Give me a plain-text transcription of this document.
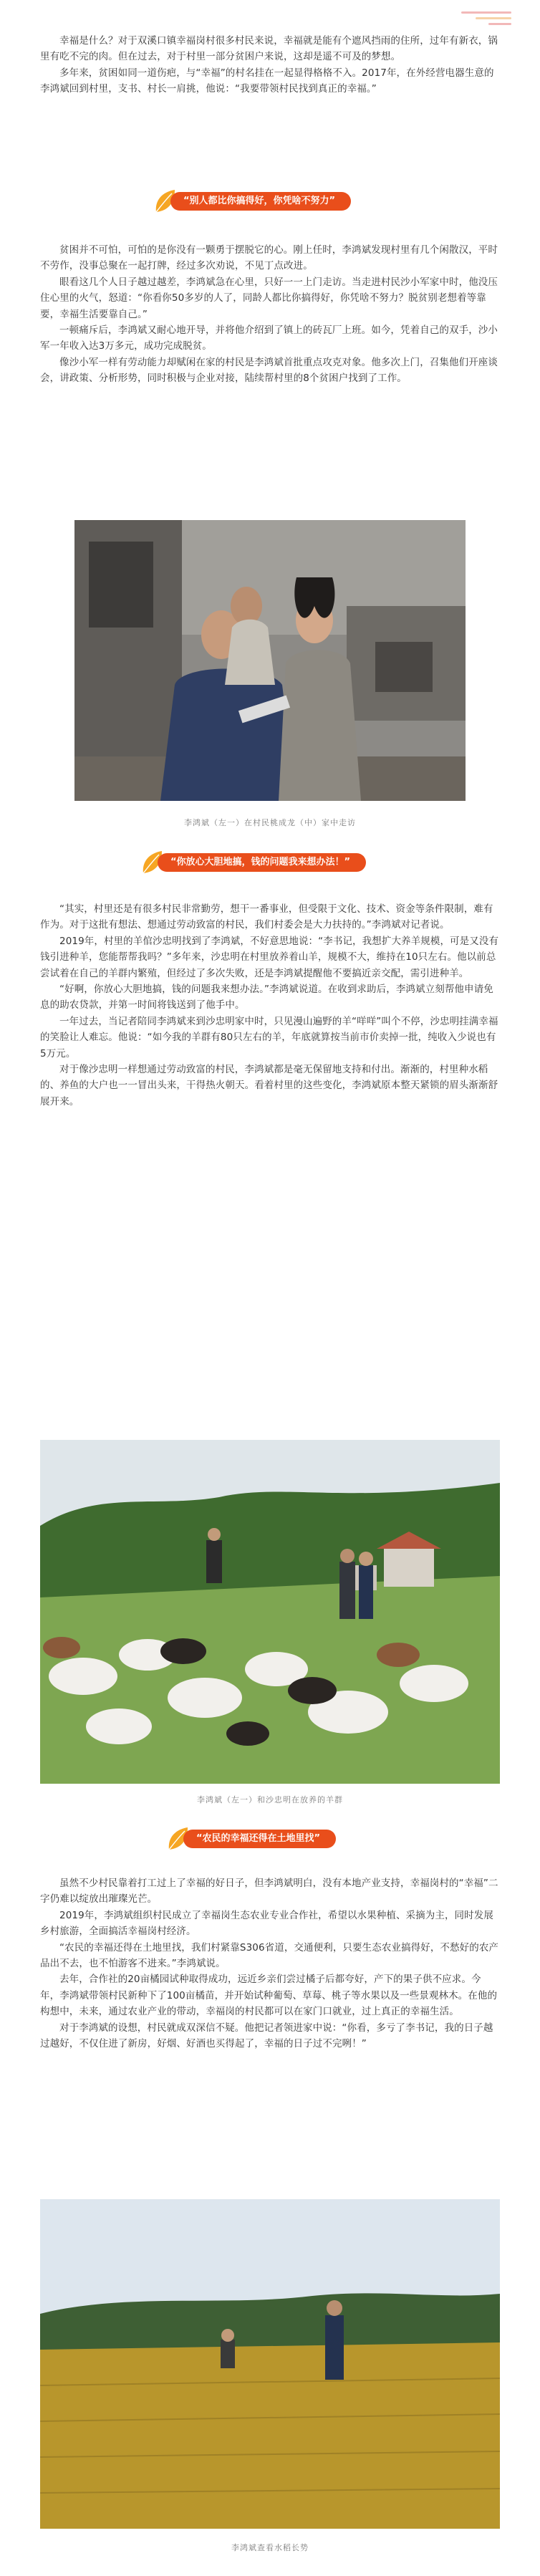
幸福是什么？对于双溪口镇幸福岗村很多村民来说，幸福就是能有个遮风挡雨的住所，过年有新衣，锅里有吃不完的肉。但在过去，对于村里一部分贫困户来说，这却是遥不可及的梦想。

多年来，贫困如同一道伤疤，与“幸福”的村名挂在一起显得格格不入。2017年，在外经营电器生意的李鸿斌回到村里，支书、村长一肩挑，他说：“我要带领村民找到真正的幸福。”

“别人都比你搞得好，你凭啥不努力”

贫困并不可怕，可怕的是你没有一颗勇于摆脱它的心。刚上任时，李鸿斌发现村里有几个闲散汉，平时不劳作，没事总聚在一起打牌，经过多次劝说，不见丁点改进。

眼看这几个人日子越过越差，李鸿斌急在心里，只好一一上门走访。当走进村民沙小军家中时，他没压住心里的火气，怒道：“你看你50多岁的人了，同龄人都比你搞得好，你凭啥不努力？脱贫别老想着等靠要，幸福生活要靠自己。”

一顿痛斥后，李鸿斌又耐心地开导，并将他介绍到了镇上的砖瓦厂上班。如今，凭着自己的双手，沙小军一年收入达3万多元，成功完成脱贫。

像沙小军一样有劳动能力却赋闲在家的村民是李鸿斌首批重点攻克对象。他多次上门，召集他们开座谈会，讲政策、分析形势，同时积极与企业对接，陆续帮村里的8个贫困户找到了工作。

李鸿斌（左一）在村民桃成龙（中）家中走访
“你放心大胆地搞，钱的问题我来想办法！”

“其实，村里还是有很多村民非常勤劳，想干一番事业，但受限于文化、技术、资金等条件限制，难有作为。对于这批有想法、想通过劳动致富的村民，我们村委会是大力扶持的。”李鸿斌对记者说。

2019年，村里的羊倌沙忠明找到了李鸿斌，不好意思地说：“李书记，我想扩大养羊规模，可是又没有钱引进种羊，您能帮帮我吗？”多年来，沙忠明在村里放养着山羊，规模不大，维持在10只左右。他以前总尝试着在自己的羊群内繁殖，但经过了多次失败，还是李鸿斌提醒他不要搞近亲交配，需引进种羊。

“好啊，你放心大胆地搞，钱的问题我来想办法。”李鸿斌说道。在收到求助后，李鸿斌立刻帮他申请免息的助农贷款，并第一时间将钱送到了他手中。

一年过去，当记者陪同李鸿斌来到沙忠明家中时，只见漫山遍野的羊“咩咩”叫个不停，沙忠明挂满幸福的笑脸让人难忘。他说：“如今我的羊群有80只左右的羊，年底就算按当前市价卖掉一批，纯收入少说也有5万元。

对于像沙忠明一样想通过劳动致富的村民，李鸿斌都是毫无保留地支持和付出。渐渐的，村里种水稻的、养鱼的大户也一一冒出头来，干得热火朝天。看着村里的这些变化，李鸿斌原本整天紧锁的眉头渐渐舒展开来。

李鸿斌（左一）和沙忠明在放养的羊群
“农民的幸福还得在土地里找”

虽然不少村民靠着打工过上了幸福的好日子，但李鸿斌明白，没有本地产业支持，幸福岗村的“幸福”二字仍难以绽放出璀璨光芒。

2019年，李鸿斌组织村民成立了幸福岗生态农业专业合作社，希望以水果种植、采摘为主，同时发展乡村旅游，全面搞活幸福岗村经济。

“农民的幸福还得在土地里找，我们村紧靠S306省道，交通便利，只要生态农业搞得好，不愁好的农产品出不去，也不怕游客不进来。”李鸿斌说。

去年，合作社的20亩橘园试种取得成功，远近乡亲们尝过橘子后都夸好，产下的果子供不应求。今年，李鸿斌带领村民新种下了100亩橘苗，并开始试种葡萄、草莓、桃子等水果以及一些景观林木。在他的构想中，未来，通过农业产业的带动，幸福岗的村民都可以在家门口就业，过上真正的幸福生活。

对于李鸿斌的设想，村民就成双深信不疑。他把记者领进家中说：“你看，多亏了李书记，我的日子越过越好，不仅住进了新房，好烟、好酒也买得起了，幸福的日子过不完咧！”

李鸿斌查看水稻长势
